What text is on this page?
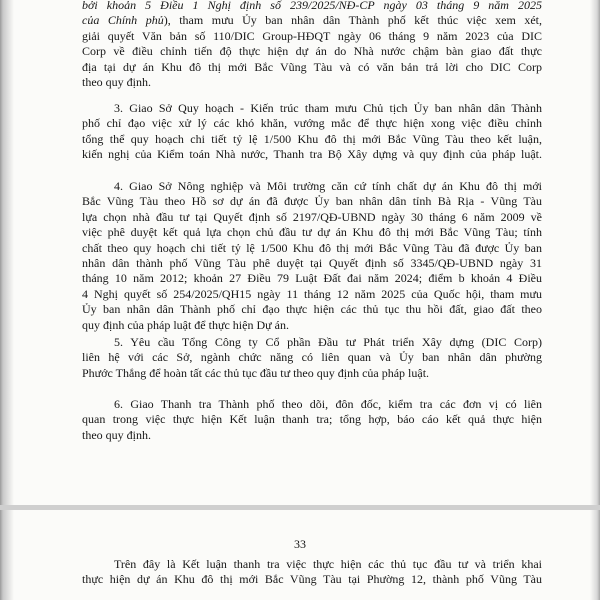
bởi khoản 5 Điều 1 Nghị định số 239/2025/NĐ-CP ngày 03 tháng 9 năm 2025
của Chính phủ), tham mưu Ủy ban nhân dân Thành phố kết thúc việc xem xét,
giải quyết Văn bản số 110/DIC Group-HĐQT ngày 06 tháng 9 năm 2023 của DIC
Corp về điều chỉnh tiến độ thực hiện dự án do Nhà nước chậm bàn giao đất thực
địa tại dự án Khu đô thị mới Bắc Vũng Tàu và có văn bản trả lời cho DIC Corp
theo quy định.
3. Giao Sở Quy hoạch - Kiến trúc tham mưu Chủ tịch Ủy ban nhân dân Thành
phố chỉ đạo việc xử lý các khó khăn, vướng mắc để thực hiện xong việc điều chỉnh
tổng thể quy hoạch chi tiết tỷ lệ 1/500 Khu đô thị mới Bắc Vũng Tàu theo kết luận,
kiến nghị của Kiểm toán Nhà nước, Thanh tra Bộ Xây dựng và quy định của pháp luật.
4. Giao Sở Nông nghiệp và Môi trường căn cứ tính chất dự án Khu đô thị mới
Bắc Vũng Tàu theo Hồ sơ dự án đã được Ủy ban nhân dân tỉnh Bà Rịa - Vũng Tàu
lựa chọn nhà đầu tư tại Quyết định số 2197/QĐ-UBND ngày 30 tháng 6 năm 2009 về
việc phê duyệt kết quả lựa chọn chủ đầu tư dự án Khu đô thị mới Bắc Vũng Tàu; tính
chất theo quy hoạch chi tiết tỷ lệ 1/500 Khu đô thị mới Bắc Vũng Tàu đã được Ủy ban
nhân dân thành phố Vũng Tàu phê duyệt tại Quyết định số 3345/QĐ-UBND ngày 31
tháng 10 năm 2012; khoản 27 Điều 79 Luật Đất đai năm 2024; điểm b khoản 4 Điều
4 Nghị quyết số 254/2025/QH15 ngày 11 tháng 12 năm 2025 của Quốc hội, tham mưu
Ủy ban nhân dân Thành phố chỉ đạo thực hiện các thủ tục thu hồi đất, giao đất theo
quy định của pháp luật để thực hiện Dự án.
5. Yêu cầu Tổng Công ty Cổ phần Đầu tư Phát triển Xây dựng (DIC Corp)
liên hệ với các Sở, ngành chức năng có liên quan và Ủy ban nhân dân phường
Phước Thắng để hoàn tất các thủ tục đầu tư theo quy định của pháp luật.
6. Giao Thanh tra Thành phố theo dõi, đôn đốc, kiểm tra các đơn vị có liên
quan trong việc thực hiện Kết luận thanh tra; tổng hợp, báo cáo kết quả thực hiện
theo quy định.
33
Trên đây là Kết luận thanh tra việc thực hiện các thủ tục đầu tư và triển khai
thực hiện dự án Khu đô thị mới Bắc Vũng Tàu tại Phường 12, thành phố Vũng Tàu
